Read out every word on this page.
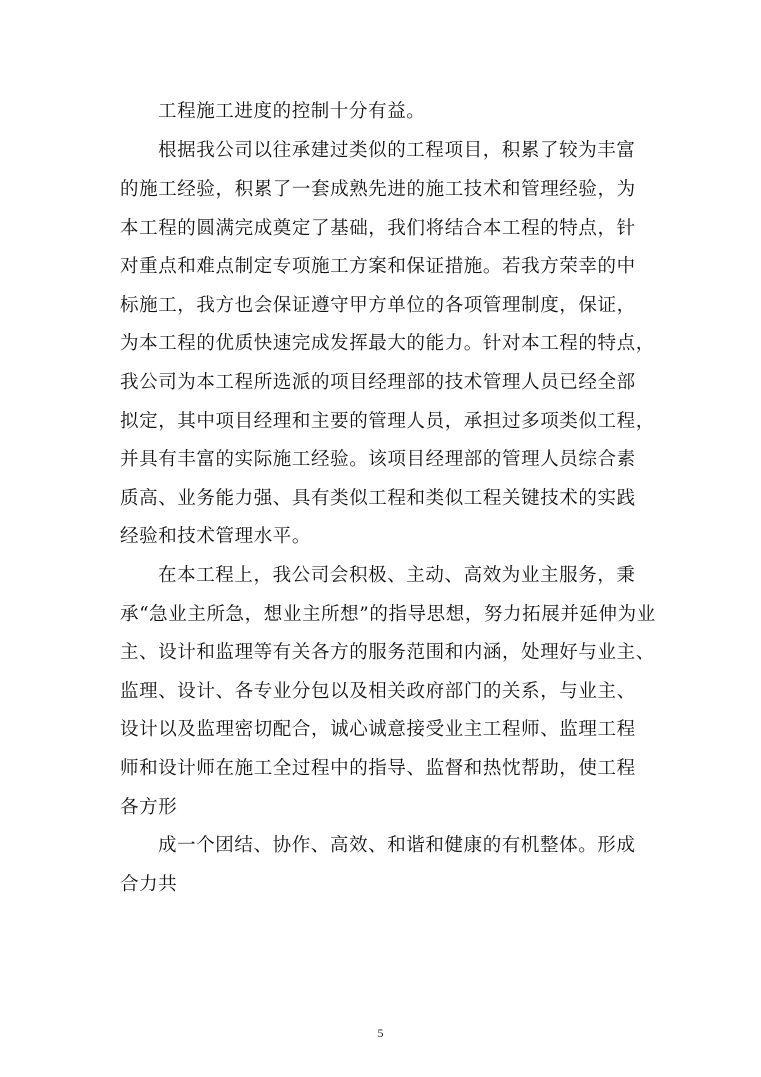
工程施工进度的控制十分有益。
根据我公司以往承建过类似的工程项目，积累了较为丰富
的施工经验，积累了一套成熟先进的施工技术和管理经验，为
本工程的圆满完成奠定了基础，我们将结合本工程的特点，针
对重点和难点制定专项施工方案和保证措施。若我方荣幸的中
标施工，我方也会保证遵守甲方单位的各项管理制度，保证，
为本工程的优质快速完成发挥最大的能力。针对本工程的特点，
我公司为本工程所选派的项目经理部的技术管理人员已经全部
拟定，其中项目经理和主要的管理人员，承担过多项类似工程，
并具有丰富的实际施工经验。该项目经理部的管理人员综合素
质高、业务能力强、具有类似工程和类似工程关键技术的实践
经验和技术管理水平。
在本工程上，我公司会积极、主动、高效为业主服务，秉
承“急业主所急，想业主所想”的指导思想，努力拓展并延伸为业
主、设计和监理等有关各方的服务范围和内涵，处理好与业主、
监理、设计、各专业分包以及相关政府部门的关系，与业主、
设计以及监理密切配合，诚心诚意接受业主工程师、监理工程
师和设计师在施工全过程中的指导、监督和热忱帮助，使工程
各方形
成一个团结、协作、高效、和谐和健康的有机整体。形成
合力共
5
